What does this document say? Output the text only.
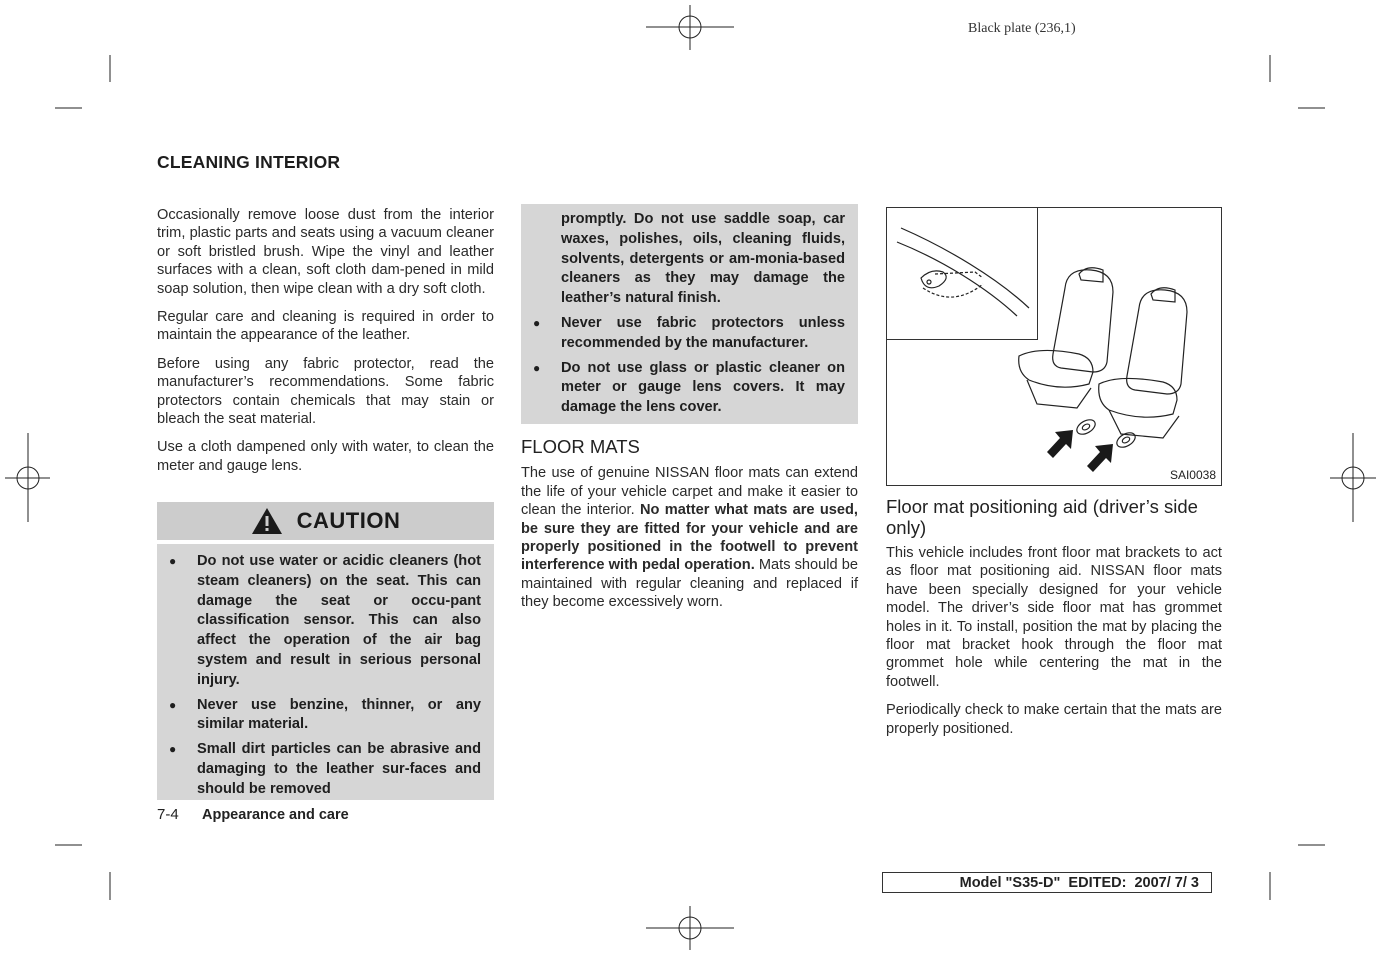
Black plate (236,1)
CLEANING INTERIOR

Occasionally remove loose dust from the interior trim, plastic parts and seats using a vacuum cleaner or soft bristled brush. Wipe the vinyl and leather surfaces with a clean, soft cloth dam-pened in mild soap solution, then wipe clean with a dry soft cloth.

Regular care and cleaning is required in order to maintain the appearance of the leather.

Before using any fabric protector, read the manufacturer’s recommendations. Some fabric protectors contain chemicals that may stain or bleach the seat material.

Use a cloth dampened only with water, to clean the meter and gauge lens.

CAUTION
● Do not use water or acidic cleaners (hot steam cleaners) on the seat. This can damage the seat or occu-pant classification sensor. This can also affect the operation of the air bag system and result in serious personal injury.
● Never use benzine, thinner, or any similar material.
● Small dirt particles can be abrasive and damaging to the leather sur-faces and should be removed
promptly. Do not use saddle soap, car waxes, polishes, oils, cleaning fluids, solvents, detergents or am-monia-based cleaners as they may damage the leather’s natural finish.
● Never use fabric protectors unless recommended by the manufacturer.
● Do not use glass or plastic cleaner on meter or gauge lens covers. It may damage the lens cover.
FLOOR MATS

The use of genuine NISSAN floor mats can extend the life of your vehicle carpet and make it easier to clean the interior. No matter what mats are used, be sure they are fitted for your vehicle and are properly positioned in the footwell to prevent interference with pedal operation. Mats should be maintained with regular cleaning and replaced if they become excessively worn.

SAI0038
Floor mat positioning aid (driver’s side only)

This vehicle includes front floor mat brackets to act as floor mat positioning aid. NISSAN floor mats have been specially designed for your vehicle model. The driver’s side floor mat has grommet holes in it. To install, position the mat by placing the floor mat bracket hook through the floor mat grommet hole while centering the mat in the footwell.

Periodically check to make certain that the mats are properly positioned.

7-4 Appearance and care
Model "S35-D"  EDITED:  2007/ 7/ 3
